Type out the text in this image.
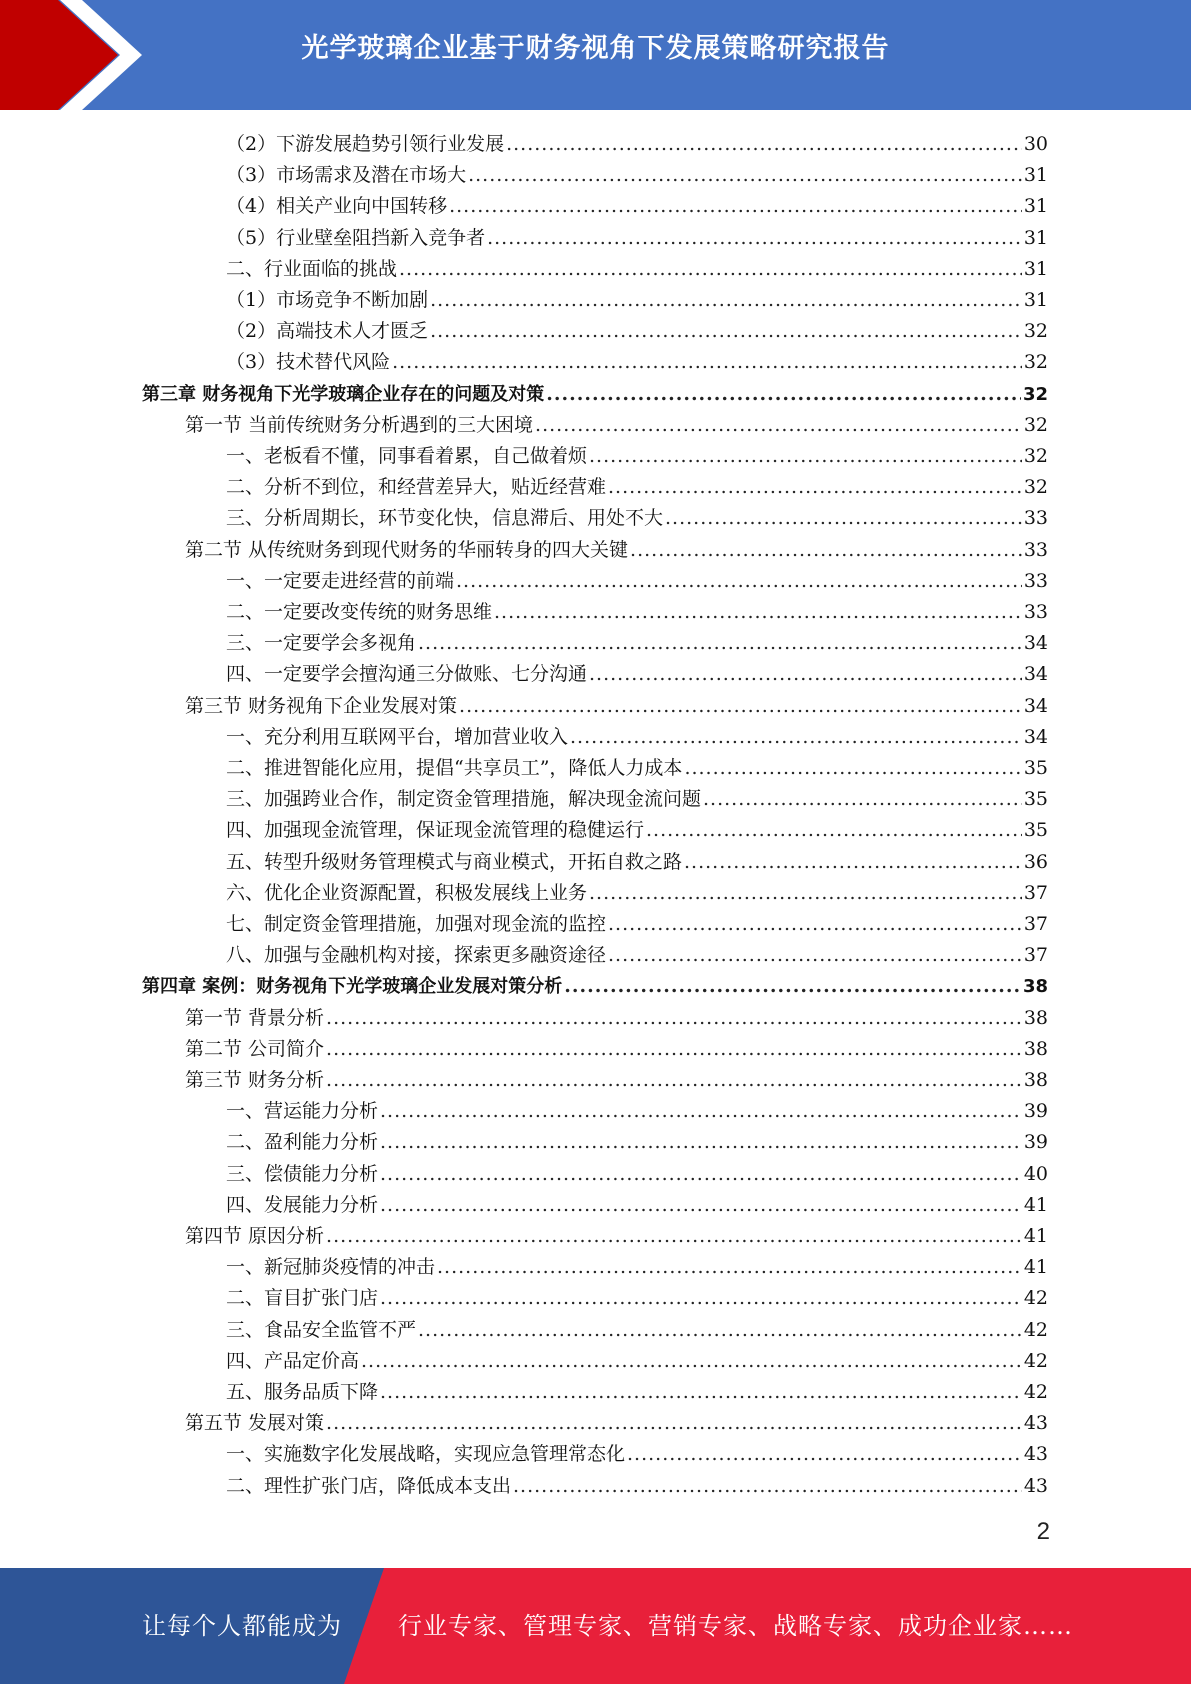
光学玻璃企业基于财务视角下发展策略研究报告
（2）下游发展趋势引领行业发展 .....	30
（3）市场需求及潜在市场大 .....	31
（4）相关产业向中国转移 .....	31
（5）行业壁垒阻挡新入竞争者 .....	31
二、行业面临的挑战 .....	31
（1）市场竞争不断加剧 .....	31
（2）高端技术人才匮乏 .....	32
（3）技术替代风险 .....	32
第三章 财务视角下光学玻璃企业存在的问题及对策 .....	32
第一节 当前传统财务分析遇到的三大困境 .....	32
一、老板看不懂，同事看着累，自己做着烦 .....	32
二、分析不到位，和经营差异大，贴近经营难 .....	32
三、分析周期长，环节变化快，信息滞后、用处不大 .....	33
第二节 从传统财务到现代财务的华丽转身的四大关键 .....	33
一、一定要走进经营的前端 .....	33
二、一定要改变传统的财务思维 .....	33
三、一定要学会多视角 .....	34
四、一定要学会擅沟通三分做账、七分沟通 .....	34
第三节 财务视角下企业发展对策 .....	34
一、充分利用互联网平台，增加营业收入 .....	34
二、推进智能化应用，提倡“共享员工”，降低人力成本 .....	35
三、加强跨业合作，制定资金管理措施，解决现金流问题 .....	35
四、加强现金流管理，保证现金流管理的稳健运行 .....	35
五、转型升级财务管理模式与商业模式，开拓自救之路 .....	36
六、优化企业资源配置，积极发展线上业务 .....	37
七、制定资金管理措施，加强对现金流的监控 .....	37
八、加强与金融机构对接，探索更多融资途径 .....	37
第四章 案例：财务视角下光学玻璃企业发展对策分析 .....	38
第一节 背景分析 .....	38
第二节 公司简介 .....	38
第三节 财务分析 .....	38
一、营运能力分析 .....	39
二、盈利能力分析 .....	39
三、偿债能力分析 .....	40
四、发展能力分析 .....	41
第四节 原因分析 .....	41
一、新冠肺炎疫情的冲击 .....	41
二、盲目扩张门店 .....	42
三、食品安全监管不严 .....	42
四、产品定价高 .....	42
五、服务品质下降 .....	42
第五节 发展对策 .....	43
一、实施数字化发展战略，实现应急管理常态化 .....	43
二、理性扩张门店，降低成本支出 .....	43
2
让每个人都能成为 行业专家、管理专家、营销专家、战略专家、成功企业家……
